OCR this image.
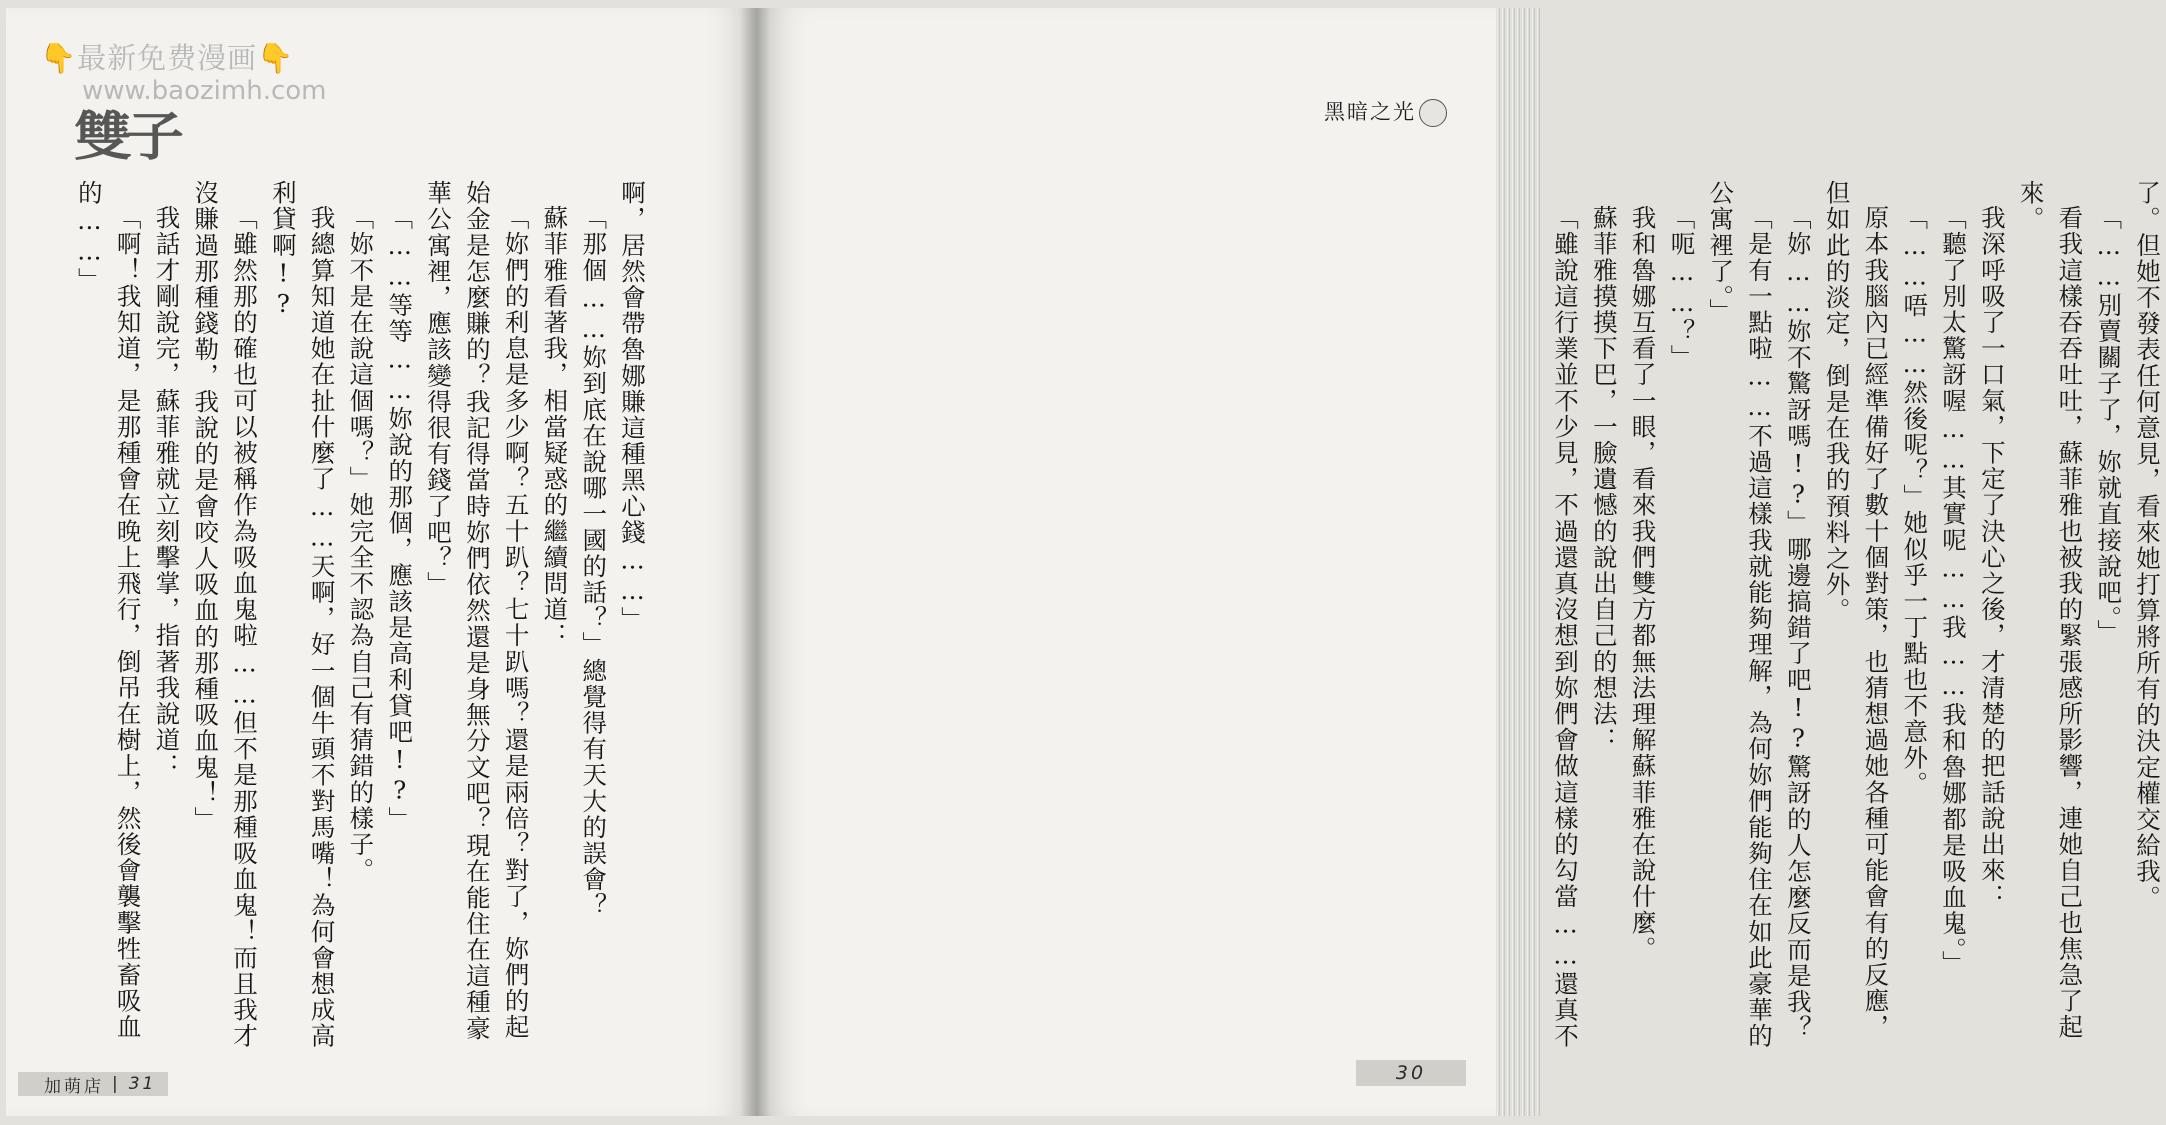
雙子
👇最新免费漫画👇
www.baozimh.com

啊，居然會帶魯娜賺這種黑心錢……」

「那個……妳到底在說哪一國的話？」總覺得有天大的誤會？

蘇菲雅看著我，相當疑惑的繼續問道：

「妳們的利息是多少啊？五十趴？七十趴嗎？還是兩倍？對了，妳們的起始金是怎麼賺的？我記得當時妳們依然還是身無分文吧？現在能住在這種豪華公寓裡，應該變得很有錢了吧？」

「……等等……妳說的那個，應該是高利貸吧!?」

「妳不是在說這個嗎？」她完全不認為自己有猜錯的樣子。

我總算知道她在扯什麼了……天啊，好一個牛頭不對馬嘴！為何會想成高利貸啊!?

「雖然那的確也可以被稱作為吸血鬼啦……但不是那種吸血鬼！而且我才沒賺過那種錢勒，我說的是會咬人吸血的那種吸血鬼！」

我話才剛說完，蘇菲雅就立刻擊掌，指著我說道：

「啊！我知道，是那種會在晚上飛行，倒吊在樹上，然後會襲擊牲畜吸血的……」

加萌店 | 31
黑暗之光

了。但她不發表任何意見，看來她打算將所有的決定權交給我。

「……別賣關子了，妳就直接說吧。」

看我這樣吞吞吐吐，蘇菲雅也被我的緊張感所影響，連她自己也焦急了起來。

我深呼吸了一口氣，下定了決心之後，才清楚的把話說出來：

「聽了別太驚訝喔……其實呢……我……我和魯娜都是吸血鬼。」

「……唔……然後呢？」她似乎一丁點也不意外。

原本我腦內已經準備好了數十個對策，也猜想過她各種可能會有的反應，但如此的淡定，倒是在我的預料之外。

「妳……妳不驚訝嗎!?」哪邊搞錯了吧!?驚訝的人怎麼反而是我？

「是有一點啦……不過這樣我就能夠理解，為何妳們能夠住在如此豪華的公寓裡了。」

「呃……？」

我和魯娜互看了一眼，看來我們雙方都無法理解蘇菲雅在說什麼。

蘇菲雅摸摸下巴，一臉遺憾的說出自己的想法：

「雖說這行業並不少見，不過還真沒想到妳們會做這樣的勾當……還真不

30
